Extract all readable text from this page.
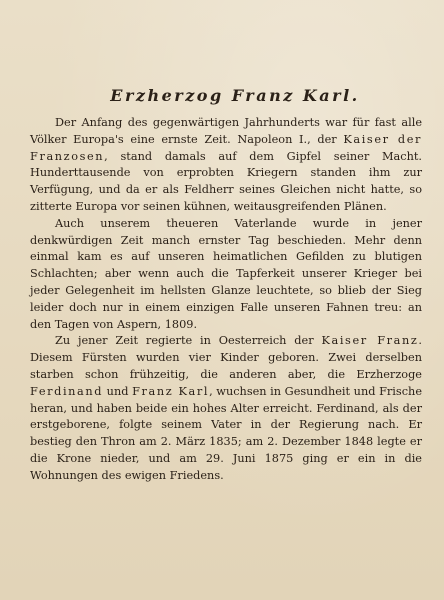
Erzherzog Franz Karl.

Der Anfang des gegenwärtigen Jahrhunderts war für fast alle Völker Europa's eine ernste Zeit. Napoleon I., der Kaiser der Franzosen, stand damals auf dem Gipfel seiner Macht. Hunderttausende von erprobten Kriegern standen ihm zur Verfügung, und da er als Feldherr seines Gleichen nicht hatte, so zitterte Europa vor seinen kühnen, weitausgreifenden Plänen.

Auch unserem theueren Vaterlande wurde in jener denkwürdigen Zeit manch ernster Tag beschieden. Mehr denn einmal kam es auf unseren heimatlichen Gefilden zu blutigen Schlachten; aber wenn auch die Tapferkeit unserer Krieger bei jeder Gelegenheit im hellsten Glanze leuchtete, so blieb der Sieg leider doch nur in einem einzigen Falle unseren Fahnen treu: an den Tagen von Aspern, 1809.

Zu jener Zeit regierte in Oesterreich der Kaiser Franz. Diesem Fürsten wurden vier Kinder geboren. Zwei derselben starben schon frühzeitig, die anderen aber, die Erzherzoge Ferdinand und Franz Karl, wuchsen in Gesundheit und Frische heran, und haben beide ein hohes Alter erreicht. Ferdinand, als der erstgeborene, folgte seinem Vater in der Regierung nach. Er bestieg den Thron am 2. März 1835; am 2. Dezember 1848 legte er die Krone nieder, und am 29. Juni 1875 ging er ein in die Wohnungen des ewigen Friedens.
